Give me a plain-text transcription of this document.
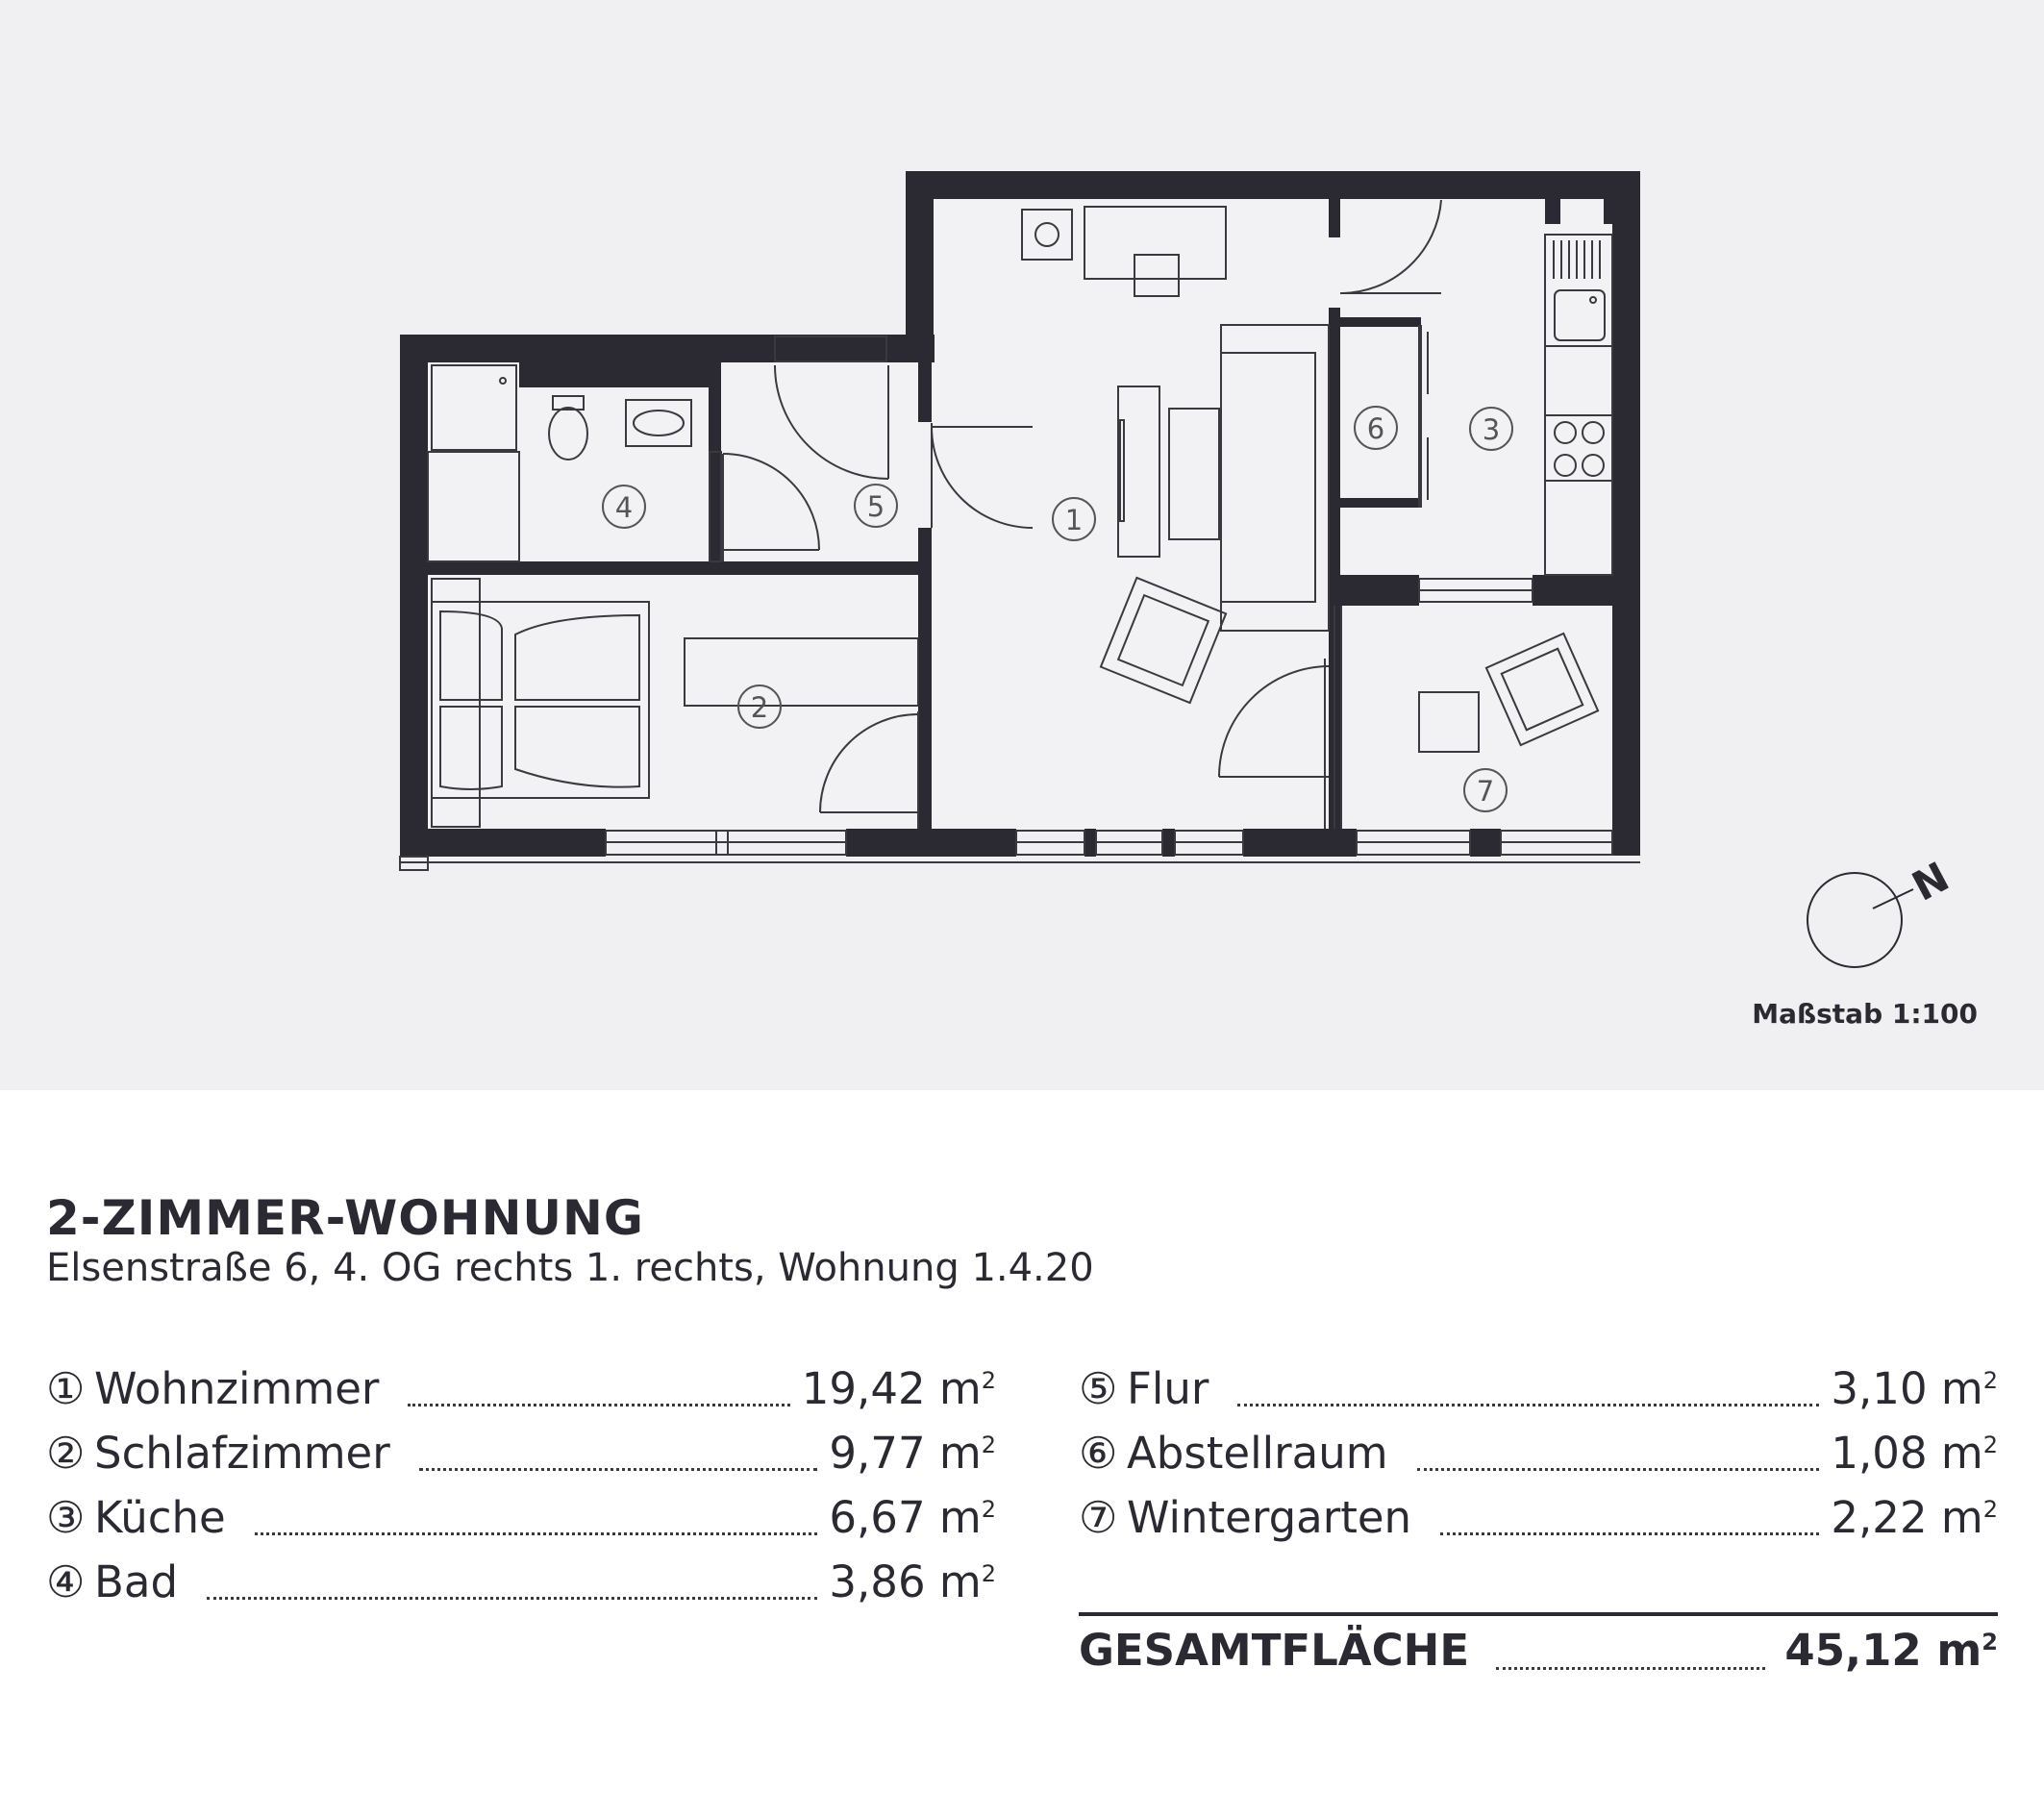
1
2
3
4	5
6
7
N
Maßstab 1:100
2-ZIMMER-WOHNUNG
Elsenstraße 6, 4. OG rechts 1. rechts, Wohnung 1.4.20
① Wohnzimmer	19,42 $m^2$
② Schlafzimmer	9,77 $m^2$
③ Küche	6,67 $m^2$
④ Bad	3,86 $m^2$
⑤ Flur	3,10 $m^2$
⑥ Abstellraum	1,08 $m^2$
⑦ Wintergarten	2,22 $m^2$
GESAMTFLÄCHE	45,12 $m^2$
